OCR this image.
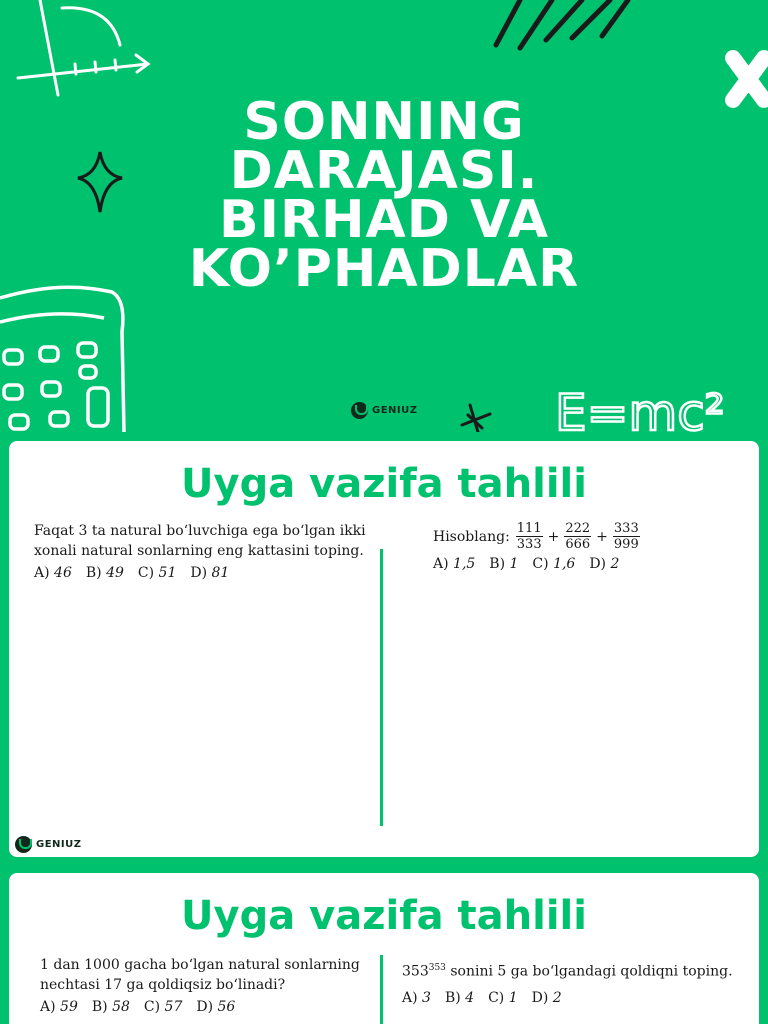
E=mc²
SONNING
DARAJASI.
BIRHAD VA
KO’PHADLAR
GENIUZ
Uyga vazifa tahlili
Faqat 3 ta natural bo‘luvchiga ega bo‘lgan ikki
xonali natural sonlarning eng kattasini toping.
A) 46 B) 49 C) 51 D) 81
Hisoblang: $\frac{111}{333} + \frac{222}{666} + \frac{333}{999}$
A) 1,5 B) 1 C) 1,6 D) 2
GENIUZ
Uyga vazifa tahlili
1 dan 1000 gacha bo‘lgan natural sonlarning
nechtasi 17 ga qoldiqsiz bo‘linadi?
A) 59 B) 58 C) 57 D) 56
$353^{353}$ sonini 5 ga bo‘lgandagi qoldiqni toping.
A) 3 B) 4 C) 1 D) 2
